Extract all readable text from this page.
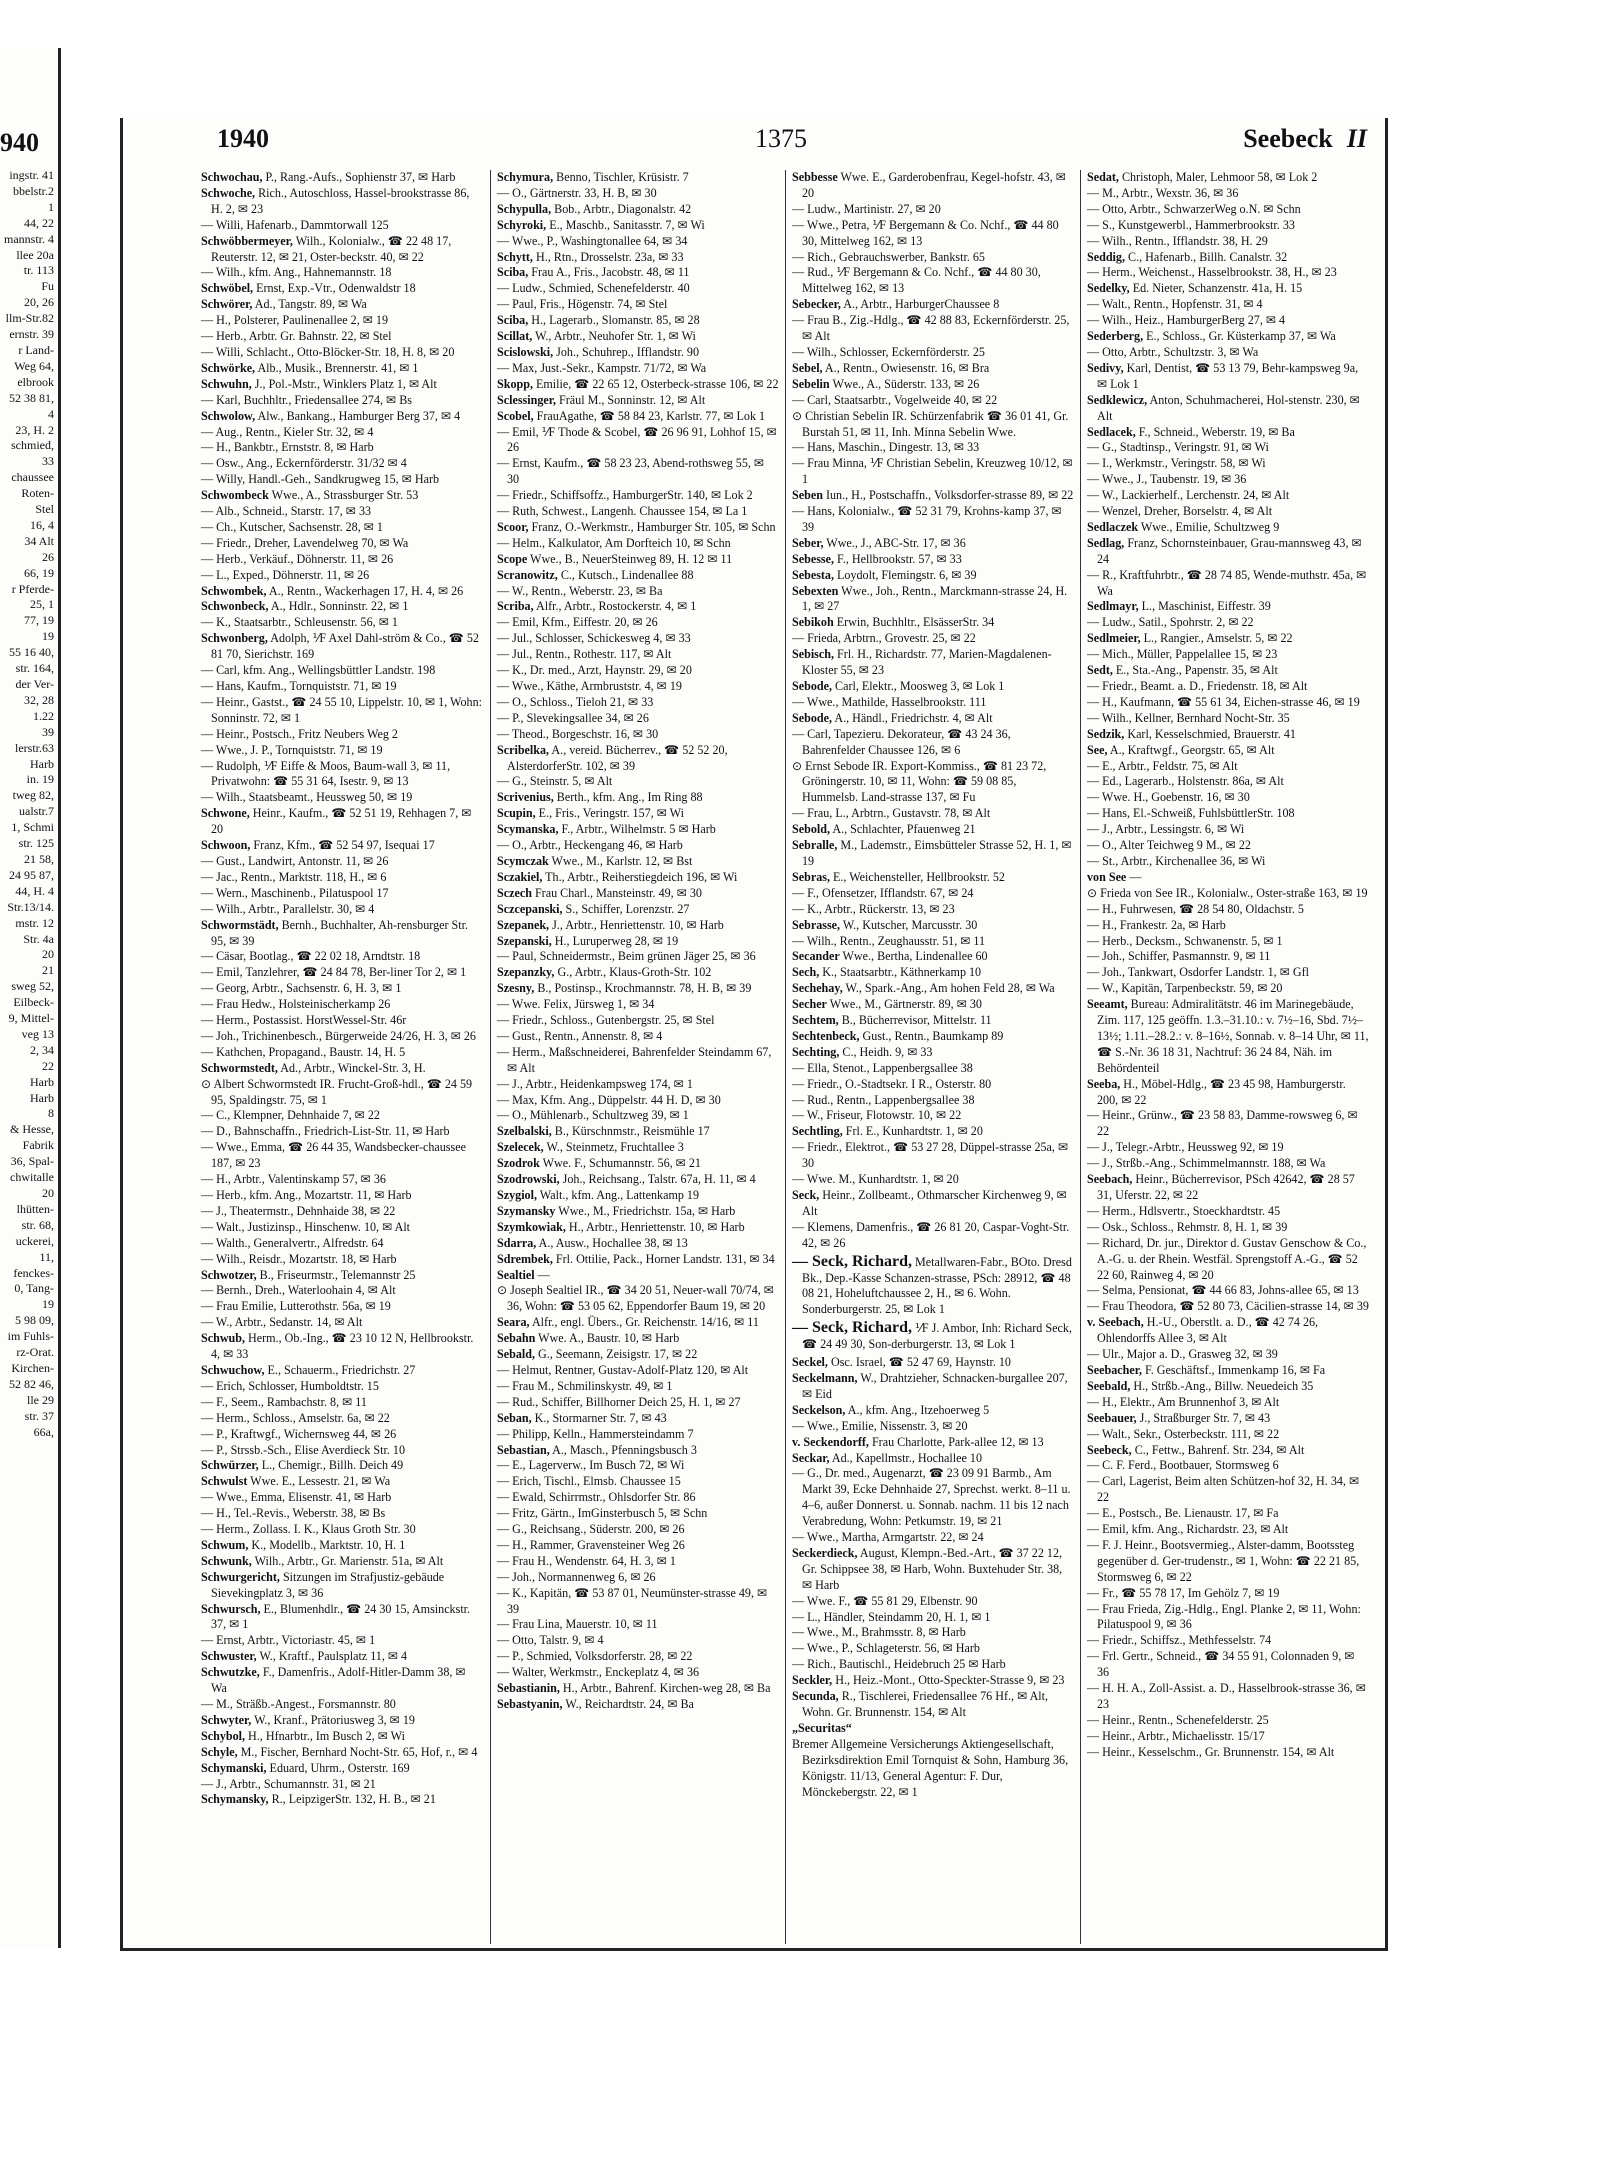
940
ingstr. 41
bbelstr.2
1
44, 22
mannstr. 4
llee 20a
tr. 113
Fu
20, 26
llm-Str.82
ernstr. 39
r Land-
Weg 64,
elbrook
52 38 81,
4
23, H. 2
schmied,
33
chaussee
Roten-
Stel
16, 4
34 Alt
26
66, 19
r Pferde-
25, 1
77, 19
19
55 16 40,
str. 164,
der Ver-
32, 28
1.22
39
lerstr.63
Harb
in. 19
tweg 82,
ualstr.7
1, Schmi
str. 125
21 58,
24 95 87,
44, H. 4
Str.13/14.
mstr. 12
Str. 4a
20
21
sweg 52,
Eilbeck-
9, Mittel-
veg 13
2, 34
22
Harb
Harb
8
& Hesse,
Fabrik
36, Spal-
chwitalle
20
lhütten-
str. 68,
uckerei,
11,
fenckes-
0, Tang-
19
5 98 09,
im Fuhls-
rz-Orat.
Kirchen-
52 82 46,
lle 29
str. 37
66a,
1940	1375	Seebeck II

Schwochau, P., Rang.-Aufs., Sophienstr 37, ✉ Harb

Schwoche, Rich., Autoschloss, Hassel-brookstrasse 86, H. 2, ✉ 23

— Willi, Hafenarb., Dammtorwall 125

Schwöbbermeyer, Wilh., Kolonialw., ☎ 22 48 17, Reuterstr. 12, ✉ 21, Oster-beckstr. 40, ✉ 22

— Wilh., kfm. Ang., Hahnemannstr. 18

Schwöbel, Ernst, Exp.-Vtr., Odenwaldstr 18

Schwörer, Ad., Tangstr. 89, ✉ Wa

— H., Polsterer, Paulinenallee 2, ✉ 19

— Herb., Arbtr. Gr. Bahnstr. 22, ✉ Stel

— Willi, Schlacht., Otto-Blöcker-Str. 18, H. 8, ✉ 20

Schwörke, Alb., Musik., Brennerstr. 41, ✉ 1

Schwuhn, J., Pol.-Mstr., Winklers Platz 1, ✉ Alt

— Karl, Buchhltr., Friedensallee 274, ✉ Bs

Schwolow, Alw., Bankang., Hamburger Berg 37, ✉ 4

— Aug., Rentn., Kieler Str. 32, ✉ 4

— H., Bankbtr., Ernststr. 8, ✉ Harb

— Osw., Ang., Eckernförderstr. 31/32 ✉ 4

— Willy, Handl.-Geh., Sandkrugweg 15, ✉ Harb

Schwombeck Wwe., A., Strassburger Str. 53

— Alb., Schneid., Starstr. 17, ✉ 33

— Ch., Kutscher, Sachsenstr. 28, ✉ 1

— Friedr., Dreher, Lavendelweg 70, ✉ Wa

— Herb., Verkäuf., Döhnerstr. 11, ✉ 26

— L., Exped., Döhnerstr. 11, ✉ 26

Schwombek, A., Rentn., Wackerhagen 17, H. 4, ✉ 26

Schwonbeck, A., Hdlr., Sonninstr. 22, ✉ 1

— K., Staatsarbtr., Schleusenstr. 56, ✉ 1

Schwonberg, Adolph, ⅟F Axel Dahl-ström & Co., ☎ 52 81 70, Sierichstr. 169

— Carl, kfm. Ang., Wellingsbüttler Landstr. 198

— Hans, Kaufm., Tornquiststr. 71, ✉ 19

— Heinr., Gastst., ☎ 24 55 10, Lippelstr. 10, ✉ 1, Wohn: Sonninstr. 72, ✉ 1

— Heinr., Postsch., Fritz Neubers Weg 2

— Wwe., J. P., Tornquiststr. 71, ✉ 19

— Rudolph, ⅟F Eiffe & Moos, Baum-wall 3, ✉ 11, Privatwohn: ☎ 55 31 64, Isestr. 9, ✉ 13

— Wilh., Staatsbeamt., Heussweg 50, ✉ 19

Schwone, Heinr., Kaufm., ☎ 52 51 19, Rehhagen 7, ✉ 20

Schwoon, Franz, Kfm., ☎ 52 54 97, Isequai 17

— Gust., Landwirt, Antonstr. 11, ✉ 26

— Jac., Rentn., Marktstr. 118, H., ✉ 6

— Wern., Maschinenb., Pilatuspool 17

— Wilh., Arbtr., Parallelstr. 30, ✉ 4

Schwormstädt, Bernh., Buchhalter, Ah-rensburger Str. 95, ✉ 39

— Cäsar, Bootlag., ☎ 22 02 18, Arndtstr. 18

— Emil, Tanzlehrer, ☎ 24 84 78, Ber-liner Tor 2, ✉ 1

— Georg, Arbtr., Sachsenstr. 6, H. 3, ✉ 1

— Frau Hedw., Holsteinischerkamp 26

— Herm., Postassist. HorstWessel-Str. 46r

— Joh., Trichinenbesch., Bürgerweide 24/26, H. 3, ✉ 26

— Kathchen, Propagand., Baustr. 14, H. 5

Schwormstedt, Ad., Arbtr., Winckel-Str. 3, H.

⊙ Albert Schwormstedt IR. Frucht-Groß-hdl., ☎ 24 59 95, Spaldingstr. 75, ✉ 1

— C., Klempner, Dehnhaide 7, ✉ 22

— D., Bahnschaffn., Friedrich-List-Str. 11, ✉ Harb

— Wwe., Emma, ☎ 26 44 35, Wandsbecker-chaussee 187, ✉ 23

— H., Arbtr., Valentinskamp 57, ✉ 36

— Herb., kfm. Ang., Mozartstr. 11, ✉ Harb

— J., Theatermstr., Dehnhaide 38, ✉ 22

— Walt., Justizinsp., Hinschenw. 10, ✉ Alt

— Walth., Generalvertr., Alfredstr. 64

— Wilh., Reisdr., Mozartstr. 18, ✉ Harb

Schwotzer, B., Friseurmstr., Telemannstr 25

— Bernh., Dreh., Waterloohain 4, ✉ Alt

— Frau Emilie, Lutterothstr. 56a, ✉ 19

— W., Arbtr., Sedanstr. 14, ✉ Alt

Schwub, Herm., Ob.-Ing., ☎ 23 10 12 N, Hellbrookstr. 4, ✉ 33

Schwuchow, E., Schauerm., Friedrichstr. 27

— Erich, Schlosser, Humboldtstr. 15

— F., Seem., Rambachstr. 8, ✉ 11

— Herm., Schloss., Amselstr. 6a, ✉ 22

— P., Kraftwgf., Wichernsweg 44, ✉ 26

— P., Strssb.-Sch., Elise Averdieck Str. 10

Schwürzer, L., Chemigr., Billh. Deich 49

Schwulst Wwe. E., Lessestr. 21, ✉ Wa

— Wwe., Emma, Elisenstr. 41, ✉ Harb

— H., Tel.-Revis., Weberstr. 38, ✉ Bs

— Herm., Zollass. I. K., Klaus Groth Str. 30

Schwum, K., Modellb., Marktstr. 10, H. 1

Schwunk, Wilh., Arbtr., Gr. Marienstr. 51a, ✉ Alt

Schwurgericht, Sitzungen im Strafjustiz-gebäude Sievekingplatz 3, ✉ 36

Schwursch, E., Blumenhdlr., ☎ 24 30 15, Amsinckstr. 37, ✉ 1

— Ernst, Arbtr., Victoriastr. 45, ✉ 1

Schwuster, W., Kraftf., Paulsplatz 11, ✉ 4

Schwutzke, F., Damenfris., Adolf-Hitler-Damm 38, ✉ Wa

— M., Sträßb.-Angest., Forsmannstr. 80

Schwyter, W., Kranf., Prätoriusweg 3, ✉ 19

Schybol, H., Hfnarbtr., Im Busch 2, ✉ Wi

Schyle, M., Fischer, Bernhard Nocht-Str. 65, Hof, r., ✉ 4

Schymanski, Eduard, Uhrm., Osterstr. 169

— J., Arbtr., Schumannstr. 31, ✉ 21

Schymansky, R., LeipzigerStr. 132, H. B., ✉ 21

Schymura, Benno, Tischler, Krüsistr. 7

— O., Gärtnerstr. 33, H. B, ✉ 30

Schypulla, Bob., Arbtr., Diagonalstr. 42

Schyroki, E., Maschb., Sanitasstr. 7, ✉ Wi

— Wwe., P., Washingtonallee 64, ✉ 34

Schytt, H., Rtn., Drosselstr. 23a, ✉ 33

Sciba, Frau A., Fris., Jacobstr. 48, ✉ 11

— Ludw., Schmied, Schenefelderstr. 40

— Paul, Fris., Högenstr. 74, ✉ Stel

Sciba, H., Lagerarb., Slomanstr. 85, ✉ 28

Scillat, W., Arbtr., Neuhofer Str. 1, ✉ Wi

Scislowski, Joh., Schuhrep., Ifflandstr. 90

— Max, Just.-Sekr., Kampstr. 71/72, ✉ Wa

Skopp, Emilie, ☎ 22 65 12, Osterbeck-strasse 106, ✉ 22

Sclessinger, Fräul M., Sonninstr. 12, ✉ Alt

Scobel, FrauAgathe, ☎ 58 84 23, Karlstr. 77, ✉ Lok 1

— Emil, ⅟F Thode & Scobel, ☎ 26 96 91, Lohhof 15, ✉ 26

— Ernst, Kaufm., ☎ 58 23 23, Abend-rothsweg 55, ✉ 30

— Friedr., Schiffsoffz., HamburgerStr. 140, ✉ Lok 2

— Ruth, Schwest., Langenh. Chaussee 154, ✉ La 1

Scoor, Franz, O.-Werkmstr., Hamburger Str. 105, ✉ Schn

— Helm., Kalkulator, Am Dorfteich 10, ✉ Schn

Scope Wwe., B., NeuerSteinweg 89, H. 12 ✉ 11

Scranowitz, C., Kutsch., Lindenallee 88

— W., Rentn., Weberstr. 23, ✉ Ba

Scriba, Alfr., Arbtr., Rostockerstr. 4, ✉ 1

— Emil, Kfm., Eiffestr. 20, ✉ 26

— Jul., Schlosser, Schickesweg 4, ✉ 33

— Jul., Rentn., Rothestr. 117, ✉ Alt

— K., Dr. med., Arzt, Haynstr. 29, ✉ 20

— Wwe., Käthe, Armbruststr. 4, ✉ 19

— O., Schloss., Tieloh 21, ✉ 33

— P., Slevekingsallee 34, ✉ 26

— Theod., Borgeschstr. 16, ✉ 30

Scribelka, A., vereid. Bücherrev., ☎ 52 52 20, AlsterdorferStr. 102, ✉ 39

— G., Steinstr. 5, ✉ Alt

Scrivenius, Berth., kfm. Ang., Im Ring 88

Scupin, E., Fris., Veringstr. 157, ✉ Wi

Scymanska, F., Arbtr., Wilhelmstr. 5 ✉ Harb

— O., Arbtr., Heckengang 46, ✉ Harb

Scymczak Wwe., M., Karlstr. 12, ✉ Bst

Sczakiel, Th., Arbtr., Reiherstiegdeich 196, ✉ Wi

Sczech Frau Charl., Mansteinstr. 49, ✉ 30

Sczcepanski, S., Schiffer, Lorenzstr. 27

Szepanek, J., Arbtr., Henriettenstr. 10, ✉ Harb

Szepanski, H., Luruperweg 28, ✉ 19

— Paul, Schneidermstr., Beim grünen Jäger 25, ✉ 36

Szepanzky, G., Arbtr., Klaus-Groth-Str. 102

Szesny, B., Postinsp., Krochmannstr. 78, H. B, ✉ 39

— Wwe. Felix, Jürsweg 1, ✉ 34

— Friedr., Schloss., Gutenbergstr. 25, ✉ Stel

— Gust., Rentn., Annenstr. 8, ✉ 4

— Herm., Maßschneiderei, Bahrenfelder Steindamm 67, ✉ Alt

— J., Arbtr., Heidenkampsweg 174, ✉ 1

— Max, Kfm. Ang., Düppelstr. 44 H. D, ✉ 30

— O., Mühlenarb., Schultzweg 39, ✉ 1

Szelbalski, B., Kürschnmstr., Reismühle 17

Szelecek, W., Steinmetz, Fruchtallee 3

Szodrok Wwe. F., Schumannstr. 56, ✉ 21

Szodrowski, Joh., Reichsang., Talstr. 67a, H. 11, ✉ 4

Szygiol, Walt., kfm. Ang., Lattenkamp 19

Szymansky Wwe., M., Friedrichstr. 15a, ✉ Harb

Szymkowiak, H., Arbtr., Henriettenstr. 10, ✉ Harb

Sdarra, A., Ausw., Hochallee 38, ✉ 13

Sdrembek, Frl. Ottilie, Pack., Horner Landstr. 131, ✉ 34

Sealtiel —

⊙ Joseph Sealtiel IR., ☎ 34 20 51, Neuer-wall 70/74, ✉ 36, Wohn: ☎ 53 05 62, Eppendorfer Baum 19, ✉ 20

Seara, Alfr., engl. Übers., Gr. Reichenstr. 14/16, ✉ 11

Sebahn Wwe. A., Baustr. 10, ✉ Harb

Sebald, G., Seemann, Zeisigstr. 17, ✉ 22

— Helmut, Rentner, Gustav-Adolf-Platz 120, ✉ Alt

— Frau M., Schmilinskystr. 49, ✉ 1

— Rud., Schiffer, Billhorner Deich 25, H. 1, ✉ 27

Seban, K., Stormarner Str. 7, ✉ 43

— Philipp, Kelln., Hammersteindamm 7

Sebastian, A., Masch., Pfenningsbusch 3

— E., Lagerverw., Im Busch 72, ✉ Wi

— Erich, Tischl., Elmsb. Chaussee 15

— Ewald, Schirrmstr., Ohlsdorfer Str. 86

— Fritz, Gärtn., ImGinsterbusch 5, ✉ Schn

— G., Reichsang., Süderstr. 200, ✉ 26

— H., Rammer, Gravensteiner Weg 26

— Frau H., Wendenstr. 64, H. 3, ✉ 1

— Joh., Normannenweg 6, ✉ 26

— K., Kapitän, ☎ 53 87 01, Neumünster-strasse 49, ✉ 39

— Frau Lina, Mauerstr. 10, ✉ 11

— Otto, Talstr. 9, ✉ 4

— P., Schmied, Volksdorferstr. 28, ✉ 22

— Walter, Werkmstr., Enckeplatz 4, ✉ 36

Sebastianin, H., Arbtr., Bahrenf. Kirchen-weg 28, ✉ Ba

Sebastyanin, W., Reichardtstr. 24, ✉ Ba

Sebbesse Wwe. E., Garderobenfrau, Kegel-hofstr. 43, ✉ 20

— Ludw., Martinistr. 27, ✉ 20

— Wwe., Petra, ⅟F Bergemann & Co. Nchf., ☎ 44 80 30, Mittelweg 162, ✉ 13

— Rich., Gebrauchswerber, Bankstr. 65

— Rud., ⅟F Bergemann & Co. Nchf., ☎ 44 80 30, Mittelweg 162, ✉ 13

Sebecker, A., Arbtr., HarburgerChaussee 8

— Frau B., Zig.-Hdlg., ☎ 42 88 83, Eckernförderstr. 25, ✉ Alt

— Wilh., Schlosser, Eckernförderstr. 25

Sebel, A., Rentn., Owiesenstr. 16, ✉ Bra

Sebelin Wwe., A., Süderstr. 133, ✉ 26

— Carl, Staatsarbtr., Vogelweide 40, ✉ 22

⊙ Christian Sebelin IR. Schürzenfabrik ☎ 36 01 41, Gr. Burstah 51, ✉ 11, Inh. Minna Sebelin Wwe.

— Hans, Maschin., Dingestr. 13, ✉ 33

— Frau Minna, ⅟F Christian Sebelin, Kreuzweg 10/12, ✉ 1

Seben Iun., H., Postschaffn., Volksdorfer-strasse 89, ✉ 22

— Hans, Kolonialw., ☎ 52 31 79, Krohns-kamp 37, ✉ 39

Seber, Wwe., J., ABC-Str. 17, ✉ 36

Sebesse, F., Hellbrookstr. 57, ✉ 33

Sebesta, Loydolt, Flemingstr. 6, ✉ 39

Sebexten Wwe., Joh., Rentn., Marckmann-strasse 24, H. 1, ✉ 27

Sebikoh Erwin, Buchhltr., ElsässerStr. 34

— Frieda, Arbtrn., Grovestr. 25, ✉ 22

Sebisch, Frl. H., Richardstr. 77, Marien-Magdalenen-Kloster 55, ✉ 23

Sebode, Carl, Elektr., Moosweg 3, ✉ Lok 1

— Wwe., Mathilde, Hasselbrookstr. 111

Sebode, A., Händl., Friedrichstr. 4, ✉ Alt

— Carl, Tapezieru. Dekorateur, ☎ 43 24 36, Bahrenfelder Chaussee 126, ✉ 6

⊙ Ernst Sebode IR. Export-Kommiss., ☎ 81 23 72, Gröningerstr. 10, ✉ 11, Wohn: ☎ 59 08 85, Hummelsb. Land-strasse 137, ✉ Fu

— Frau, L., Arbtrn., Gustavstr. 78, ✉ Alt

Sebold, A., Schlachter, Pfauenweg 21

Sebralle, M., Lademstr., Eimsbütteler Strasse 52, H. 1, ✉ 19

Sebras, E., Weichensteller, Hellbrookstr. 52

— F., Ofensetzer, Ifflandstr. 67, ✉ 24

— K., Arbtr., Rückerstr. 13, ✉ 23

Sebrasse, W., Kutscher, Marcusstr. 30

— Wilh., Rentn., Zeughausstr. 51, ✉ 11

Secander Wwe., Bertha, Lindenallee 60

Sech, K., Staatsarbtr., Käthnerkamp 10

Sechehay, W., Spark.-Ang., Am hohen Feld 28, ✉ Wa

Secher Wwe., M., Gärtnerstr. 89, ✉ 30

Sechtem, B., Bücherrevisor, Mittelstr. 11

Sechtenbeck, Gust., Rentn., Baumkamp 89

Sechting, C., Heidh. 9, ✉ 33

— Ella, Stenot., Lappenbergsallee 38

— Friedr., O.-Stadtsekr. I R., Osterstr. 80

— Rud., Rentn., Lappenbergsallee 38

— W., Friseur, Flotowstr. 10, ✉ 22

Sechtling, Frl. E., Kunhardtstr. 1, ✉ 20

— Friedr., Elektrot., ☎ 53 27 28, Düppel-strasse 25a, ✉ 30

— Wwe. M., Kunhardtstr. 1, ✉ 20

Seck, Heinr., Zollbeamt., Othmarscher Kirchenweg 9, ✉ Alt

— Klemens, Damenfris., ☎ 26 81 20, Caspar-Voght-Str. 42, ✉ 26

— Seck, Richard, Metallwaren-Fabr., BOto. Dresd Bk., Dep.-Kasse Schanzen-strasse, PSch: 28912, ☎ 48 08 21, Hoheluftchaussee 2, H., ✉ 6. Wohn. Sonderburgerstr. 25, ✉ Lok 1

— Seck, Richard, ⅟F J. Ambor, Inh: Richard Seck, ☎ 24 49 30, Son-derburgerstr. 13, ✉ Lok 1

Seckel, Osc. Israel, ☎ 52 47 69, Haynstr. 10

Seckelmann, W., Drahtzieher, Schnacken-burgallee 207, ✉ Eid

Seckelson, A., kfm. Ang., Itzehoerweg 5

— Wwe., Emilie, Nissenstr. 3, ✉ 20

v. Seckendorff, Frau Charlotte, Park-allee 12, ✉ 13

Seckar, Ad., Kapellmstr., Hochallee 10

— G., Dr. med., Augenarzt, ☎ 23 09 91 Barmb., Am Markt 39, Ecke Dehnhaide 27, Sprechst. werkt. 8–11 u. 4–6, außer Donnerst. u. Sonnab. nachm. 11 bis 12 nach Verabredung, Wohn: Petkumstr. 19, ✉ 21

— Wwe., Martha, Armgartstr. 22, ✉ 24

Seckerdieck, August, Klempn.-Bed.-Art., ☎ 37 22 12, Gr. Schippsee 38, ✉ Harb, Wohn. Buxtehuder Str. 38, ✉ Harb

— Wwe. F., ☎ 55 81 29, Elbenstr. 90

— L., Händler, Steindamm 20, H. 1, ✉ 1

— Wwe., M., Brahmsstr. 8, ✉ Harb

— Wwe., P., Schlageterstr. 56, ✉ Harb

— Rich., Bautischl., Heidebruch 25 ✉ Harb

Seckler, H., Heiz.-Mont., Otto-Speckter-Strasse 9, ✉ 23

Secunda, R., Tischlerei, Friedensallee 76 Hf., ✉ Alt, Wohn. Gr. Brunnenstr. 154, ✉ Alt

„Securitas“

Bremer Allgemeine Versicherungs Aktiengesellschaft, Bezirksdirektion Emil Tornquist & Sohn, Hamburg 36, Königstr. 11/13, General Agentur: F. Dur, Mönckebergstr. 22, ✉ 1

Sedat, Christoph, Maler, Lehmoor 58, ✉ Lok 2

— M., Arbtr., Wexstr. 36, ✉ 36

— Otto, Arbtr., SchwarzerWeg o.N. ✉ Schn

— S., Kunstgewerbl., Hammerbrookstr. 33

— Wilh., Rentn., Ifflandstr. 38, H. 29

Seddig, C., Hafenarb., Billh. Canalstr. 32

— Herm., Weichenst., Hasselbrookstr. 38, H., ✉ 23

Sedelky, Ed. Nieter, Schanzenstr. 41a, H. 15

— Walt., Rentn., Hopfenstr. 31, ✉ 4

— Wilh., Heiz., HamburgerBerg 27, ✉ 4

Sederberg, E., Schloss., Gr. Küsterkamp 37, ✉ Wa

— Otto, Arbtr., Schultzstr. 3, ✉ Wa

Sedivy, Karl, Dentist, ☎ 53 13 79, Behr-kampsweg 9a, ✉ Lok 1

Sedklewicz, Anton, Schuhmacherei, Hol-stenstr. 230, ✉ Alt

Sedlacek, F., Schneid., Weberstr. 19, ✉ Ba

— G., Stadtinsp., Veringstr. 91, ✉ Wi

— I., Werkmstr., Veringstr. 58, ✉ Wi

— Wwe., J., Taubenstr. 19, ✉ 36

— W., Lackierhelf., Lerchenstr. 24, ✉ Alt

— Wenzel, Dreher, Borselstr. 4, ✉ Alt

Sedlaczek Wwe., Emilie, Schultzweg 9

Sedlag, Franz, Schornsteinbauer, Grau-mannsweg 43, ✉ 24

— R., Kraftfuhrbtr., ☎ 28 74 85, Wende-muthstr. 45a, ✉ Wa

Sedlmayr, L., Maschinist, Eiffestr. 39

— Ludw., Satil., Spohrstr. 2, ✉ 22

Sedlmeier, L., Rangier., Amselstr. 5, ✉ 22

— Mich., Müller, Pappelallee 15, ✉ 23

Sedt, E., Sta.-Ang., Papenstr. 35, ✉ Alt

— Friedr., Beamt. a. D., Friedenstr. 18, ✉ Alt

— H., Kaufmann, ☎ 55 61 34, Eichen-strasse 46, ✉ 19

— Wilh., Kellner, Bernhard Nocht-Str. 35

Sedzik, Karl, Kesselschmied, Brauerstr. 41

See, A., Kraftwgf., Georgstr. 65, ✉ Alt

— E., Arbtr., Feldstr. 75, ✉ Alt

— Ed., Lagerarb., Holstenstr. 86a, ✉ Alt

— Wwe. H., Goebenstr. 16, ✉ 30

— Hans, El.-Schweiß, FuhlsbüttlerStr. 108

— J., Arbtr., Lessingstr. 6, ✉ Wi

— O., Alter Teichweg 9 M., ✉ 22

— St., Arbtr., Kirchenallee 36, ✉ Wi

von See —

⊙ Frieda von See IR., Kolonialw., Oster-straße 163, ✉ 19

— H., Fuhrwesen, ☎ 28 54 80, Oldachstr. 5

— H., Frankestr. 2a, ✉ Harb

— Herb., Decksm., Schwanenstr. 5, ✉ 1

— Joh., Schiffer, Pasmannstr. 9, ✉ 11

— Joh., Tankwart, Osdorfer Landstr. 1, ✉ Gfl

— W., Kapitän, Tarpenbeckstr. 59, ✉ 20

Seeamt, Bureau: Admiralitätstr. 46 im Marinegebäude, Zim. 117, 125 geöffn. 1.3.–31.10.: v. 7½–16, Sbd. 7½–13½; 1.11.–28.2.: v. 8–16½, Sonnab. v. 8–14 Uhr, ✉ 11, ☎ S.-Nr. 36 18 31, Nachtruf: 36 24 84, Näh. im Behördenteil

Seeba, H., Möbel-Hdlg., ☎ 23 45 98, Hamburgerstr. 200, ✉ 22

— Heinr., Grünw., ☎ 23 58 83, Damme-rowsweg 6, ✉ 22

— J., Telegr.-Arbtr., Heussweg 92, ✉ 19

— J., Strßb.-Ang., Schimmelmannstr. 188, ✉ Wa

Seebach, Heinr., Bücherrevisor, PSch 42642, ☎ 28 57 31, Uferstr. 22, ✉ 22

— Herm., Hdlsvertr., Stoeckhardtstr. 45

— Osk., Schloss., Rehmstr. 8, H. 1, ✉ 39

— Richard, Dr. jur., Direktor d. Gustav Genschow & Co., A.-G. u. der Rhein. Westfäl. Sprengstoff A.-G., ☎ 52 22 60, Rainweg 4, ✉ 20

— Selma, Pensionat, ☎ 44 66 83, Johns-allee 65, ✉ 13

— Frau Theodora, ☎ 52 80 73, Cäcilien-strasse 14, ✉ 39

v. Seebach, H.-U., Oberstlt. a. D., ☎ 42 74 26, Ohlendorffs Allee 3, ✉ Alt

— Ulr., Major a. D., Grasweg 32, ✉ 39

Seebacher, F. Geschäftsf., Immenkamp 16, ✉ Fa

Seebald, H., Strßb.-Ang., Billw. Neuedeich 35

— H., Elektr., Am Brunnenhof 3, ✉ Alt

Seebauer, J., Straßburger Str. 7, ✉ 43

— Walt., Sekr., Osterbeckstr. 111, ✉ 22

Seebeck, C., Fettw., Bahrenf. Str. 234, ✉ Alt

— C. F. Ferd., Bootbauer, Stormsweg 6

— Carl, Lagerist, Beim alten Schützen-hof 32, H. 34, ✉ 22

— E., Postsch., Be. Lienaustr. 17, ✉ Fa

— Emil, kfm. Ang., Richardstr. 23, ✉ Alt

— F. J. Heinr., Bootsvermieg., Alster-damm, Bootssteg gegenüber d. Ger-trudenstr., ✉ 1, Wohn: ☎ 22 21 85, Stormsweg 6, ✉ 22

— Fr., ☎ 55 78 17, Im Gehölz 7, ✉ 19

— Frau Frieda, Zig.-Hdlg., Engl. Planke 2, ✉ 11, Wohn: Pilatuspool 9, ✉ 36

— Friedr., Schiffsz., Methfesselstr. 74

— Frl. Gertr., Schneid., ☎ 34 55 91, Colonnaden 9, ✉ 36

— H. H. A., Zoll-Assist. a. D., Hasselbrook-strasse 36, ✉ 23

— Heinr., Rentn., Schenefelderstr. 25

— Heinr., Arbtr., Michaelisstr. 15/17

— Heinr., Kesselschm., Gr. Brunnenstr. 154, ✉ Alt
